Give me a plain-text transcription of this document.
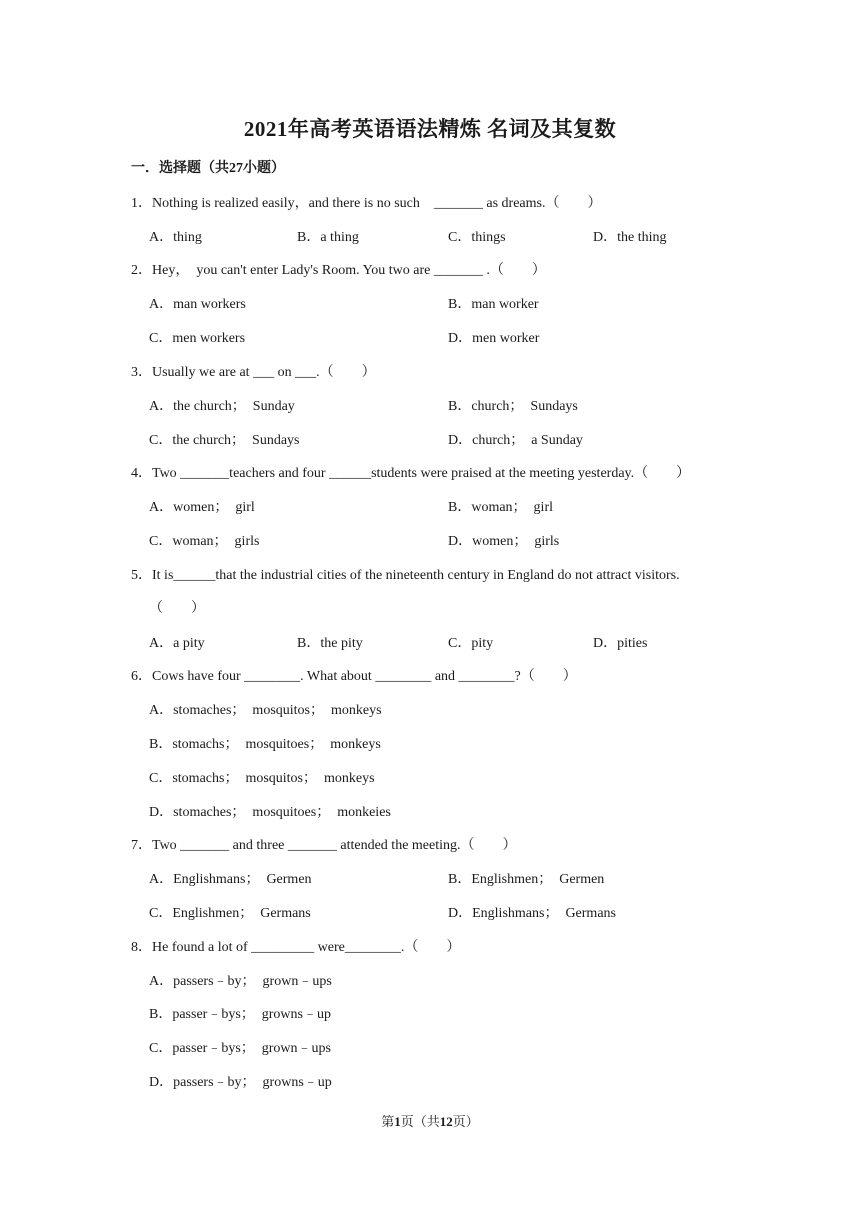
2021年高考英语语法精炼 名词及其复数
一．选择题（共27小题）
1．Nothing is realized easily，and there is no such　_______ as dreams.（　　）
A．thing	B．a thing	C．things	D．the thing
2．Hey，　you can't enter Lady's Room. You two are _______ .（　　）
A．man workers	B．man worker
C．men workers	D．men worker
3．Usually we are at ___ on ___.（　　）
A．the church；　Sunday	B．church；　Sundays
C．the church；　Sundays	D．church；　a Sunday
4．Two _______teachers and four ______students were praised at the meeting yesterday.（　　）
A．women；　girl	B．woman；　girl
C．woman；　girls	D．women；　girls
5．It is______that the industrial cities of the nineteenth century in England do not attract visitors.
（　　）
A．a pity	B．the pity	C．pity	D．pities
6．Cows have four ________. What about ________ and ________?（　　）
A．stomaches；　mosquitos；　monkeys
B．stomachs；　mosquitoes；　monkeys
C．stomachs；　mosquitos；　monkeys
D．stomaches；　mosquitoes；　monkeies
7．Two _______ and three _______ attended the meeting.（　　）
A．Englishmans；　Germen	B．Englishmen；　Germen
C．Englishmen；　Germans	D．Englishmans；　Germans
8．He found a lot of _________ were________.（　　）
A．passers﹣by；　grown﹣ups
B．passer﹣bys；　growns﹣up
C．passer﹣bys；　grown﹣ups
D．passers﹣by；　growns﹣up
第1页（共12页）
